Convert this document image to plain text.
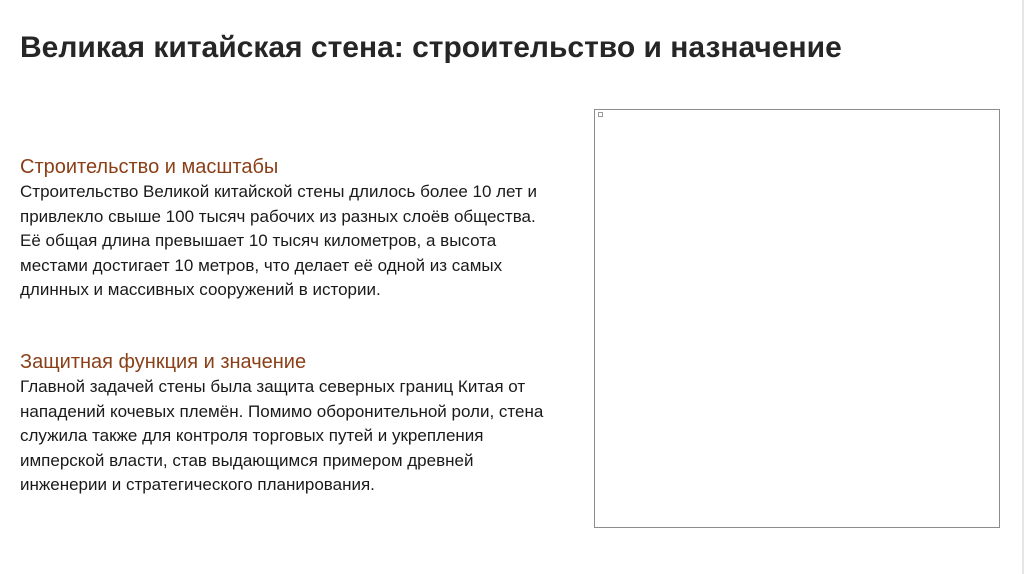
Великая китайская стена: строительство и назначение
Строительство и масштабы

Строительство Великой китайской стены длилось более 10 лет и привлекло свыше 100 тысяч рабочих из разных слоёв общества. Её общая длина превышает 10 тысяч километров, а высота местами достигает 10 метров, что делает её одной из самых длинных и массивных сооружений в истории.

Защитная функция и значение

Главной задачей стены была защита северных границ Китая от нападений кочевых племён. Помимо оборонительной роли, стена служила также для контроля торговых путей и укрепления имперской власти, став выдающимся примером древней инженерии и стратегического планирования.
